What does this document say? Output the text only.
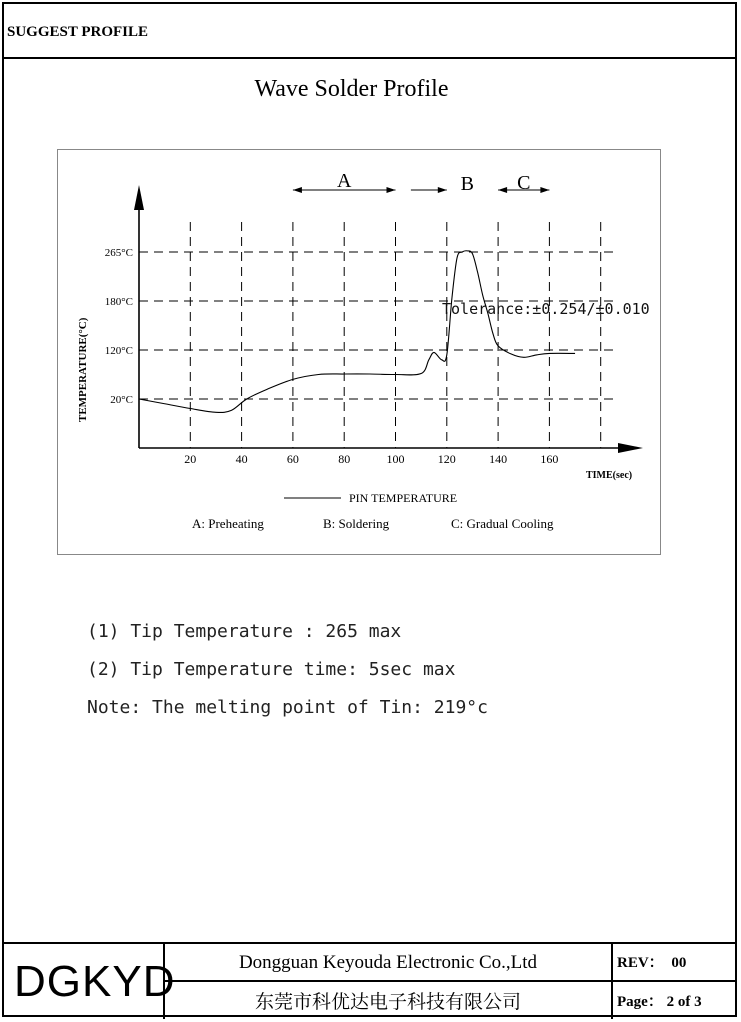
SUGGEST PROFILE
Wave Solder Profile
20	40	60	80	100	120	140	160
20°C
120°C
180°C
265°C
A	B C
Tolerance:±0.254/±0.010
TIME(sec)
TEMPERATURE(°C)
PIN TEMPERATURE
A: Preheating	B: Soldering	C: Gradual Cooling
(1) Tip Temperature : 265 max
(2) Tip Temperature time: 5sec max
Note: The melting point of Tin: 219°c
DGKYD	Dongguan Keyouda Electronic Co.,Ltd
东莞市科优达电子科技有限公司
REV： 00
Page： 2 of 3
